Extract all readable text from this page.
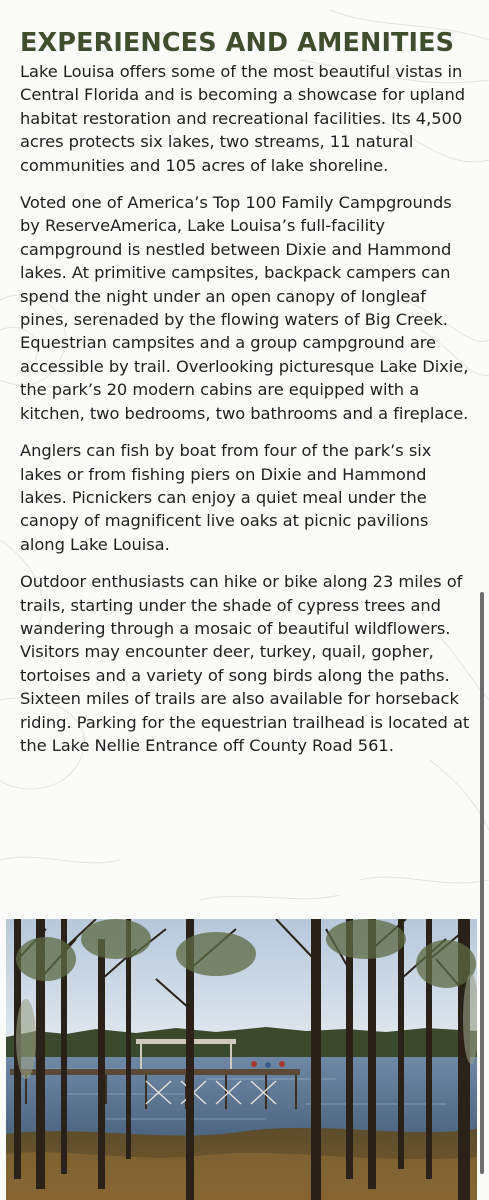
EXPERIENCES AND AMENITIES

Lake Louisa offers some of the most beautiful vistas in Central Florida and is becoming a showcase for upland habitat restoration and recreational facilities. Its 4,500 acres protects six lakes, two streams, 11 natural communities and 105 acres of lake shoreline.

Voted one of America’s Top 100 Family Campgrounds by ReserveAmerica, Lake Louisa’s full-facility campground is nestled between Dixie and Hammond lakes. At primitive campsites, backpack campers can spend the night under an open canopy of longleaf pines, serenaded by the flowing waters of Big Creek. Equestrian campsites and a group campground are accessible by trail. Overlooking picturesque Lake Dixie, the park’s 20 modern cabins are equipped with a kitchen, two bedrooms, two bathrooms and a fireplace.

Anglers can fish by boat from four of the park’s six lakes or from fishing piers on Dixie and Hammond lakes. Picnickers can enjoy a quiet meal under the canopy of magnificent live oaks at picnic pavilions along Lake Louisa.

Outdoor enthusiasts can hike or bike along 23 miles of trails, starting under the shade of cypress trees and wandering through a mosaic of beautiful wildflowers. Visitors may encounter deer, turkey, quail, gopher, tortoises and a variety of song birds along the paths. Sixteen miles of trails are also available for horseback riding. Parking for the equestrian trailhead is located at the Lake Nellie Entrance off County Road 561.
